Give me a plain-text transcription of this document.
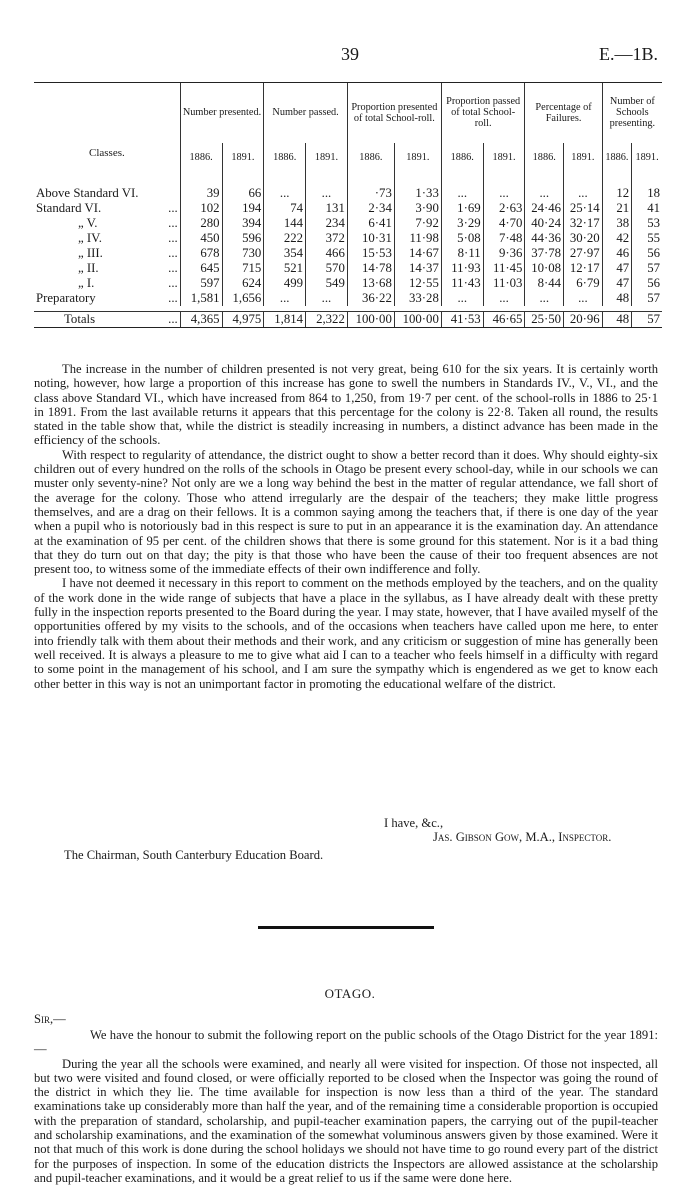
39	E.—1B.
Classes.		Number presented.		Number passed.		Proportion presented of total School-roll.		Proportion passed of total School-roll.		Percentage of Failures.		Number of Schools presenting.	
		1886.	1891.	1886.	1891.	1886.	1891.	1886.	1891.	1886.	1891.	1886.	1891.
Above Standard VI.		39	66	...	...	·73	1·33	...	...	...	...	12	18
Standard VI.	...	102	194	74	131	2·34	3·90	1·69	2·63	24·46	25·14	21	41
„ V.	...	280	394	144	234	6·41	7·92	3·29	4·70	40·24	32·17	38	53
„ IV.	...	450	596	222	372	10·31	11·98	5·08	7·48	44·36	30·20	42	55
„ III.	...	678	730	354	466	15·53	14·67	8·11	9·36	37·78	27·97	46	56
„ II.	...	645	715	521	570	14·78	14·37	11·93	11·45	10·08	12·17	47	57
„ I.	...	597	624	499	549	13·68	12·55	11·43	11·03	8·44	6·79	47	56
Preparatory	...	1,581	1,656	...	...	36·22	33·28	...	...	...	...	48	57

Totals	...	4,365	4,975	1,814	2,322	100·00	100·00	41·53	46·65	25·50	20·96	48	57

The increase in the number of children presented is not very great, being 610 for the six years. It is certainly worth noting, however, how large a proportion of this increase has gone to swell the numbers in Standards IV., V., VI., and the class above Standard VI., which have increased from 864 to 1,250, from 19·7 per cent. of the school-rolls in 1886 to 25·1 in 1891. From the last available returns it appears that this percentage for the colony is 22·8. Taken all round, the results stated in the table show that, while the district is steadily increasing in numbers, a distinct advance has been made in the efficiency of the schools.

With respect to regularity of attendance, the district ought to show a better record than it does. Why should eighty-six children out of every hundred on the rolls of the schools in Otago be present every school-day, while in our schools we can muster only seventy-nine? Not only are we a long way behind the best in the matter of regular attendance, we fall short of the average for the colony. Those who attend irregularly are the despair of the teachers; they make little progress themselves, and are a drag on their fellows. It is a common saying among the teachers that, if there is one day of the year when a pupil who is notoriously bad in this respect is sure to put in an appearance it is the examination day. An attendance at the examination of 95 per cent. of the children shows that there is some ground for this statement. Nor is it a bad thing that they do turn out on that day; the pity is that those who have been the cause of their too frequent absences are not present too, to witness some of the immediate effects of their own indifference and folly.

I have not deemed it necessary in this report to comment on the methods employed by the teachers, and on the quality of the work done in the wide range of subjects that have a place in the syllabus, as I have already dealt with these pretty fully in the inspection reports presented to the Board during the year. I may state, however, that I have availed myself of the opportunities offered by my visits to the schools, and of the occasions when teachers have called upon me here, to enter into friendly talk with them about their methods and their work, and any criticism or suggestion of mine has generally been well received. It is always a pleasure to me to give what aid I can to a teacher who feels himself in a difficulty with regard to some point in the management of his school, and I am sure the sympathy which is engendered as we get to know each other better in this way is not an unimportant factor in promoting the educational welfare of the district.

I have, &c.,
Jas. Gibson Gow, M.A., Inspector.
The Chairman, South Canterbury Education Board.
OTAGO.
Sir,—

We have the honour to submit the following report on the public schools of the Otago District for the year 1891:—

During the year all the schools were examined, and nearly all were visited for inspection. Of those not inspected, all but two were visited and found closed, or were officially reported to be closed when the Inspector was going the round of the district in which they lie. The time available for inspection is now less than a third of the year. The standard examinations take up considerably more than half the year, and of the remaining time a considerable proportion is occupied with the preparation of standard, scholarship, and pupil-teacher examination papers, the carrying out of the pupil-teacher and scholarship examinations, and the examination of the somewhat voluminous answers given by those examined. Were it not that much of this work is done during the school holidays we should not have time to go round every part of the district for the purposes of inspection. In some of the education districts the Inspectors are allowed assistance at the scholarship and pupil-teacher examinations, and it would be a great relief to us if the same were done here.
